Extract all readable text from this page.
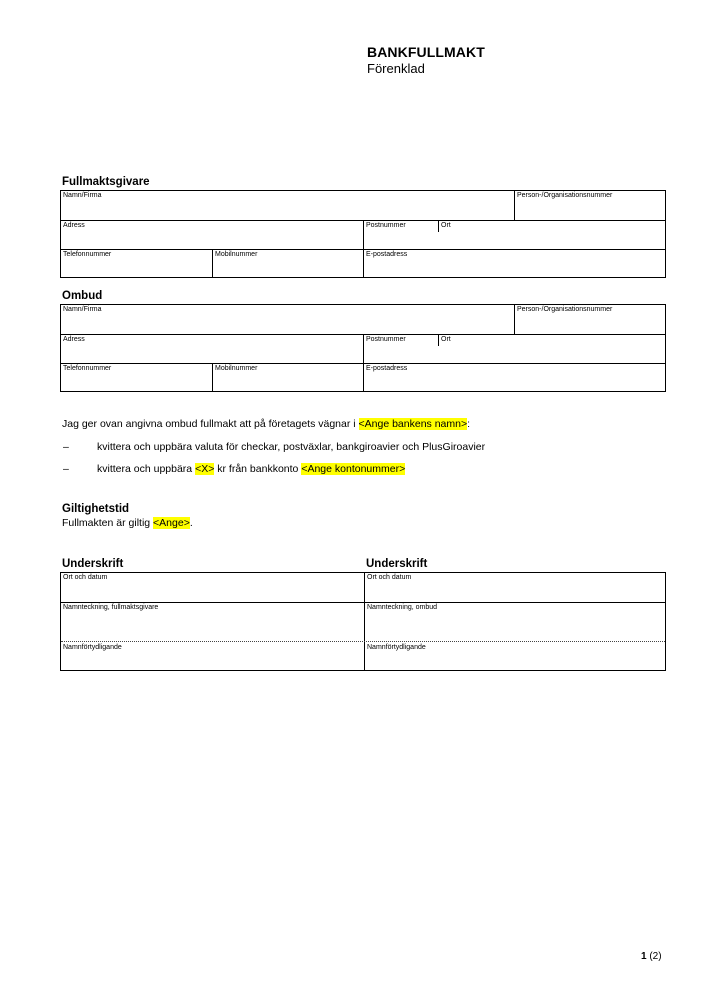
BANKFULLMAKT
Förenklad
Fullmaktsgivare
Namn/Firma	Person-/Organisationsnummer
Adress	Postnummer	Ort
Telefonnummer	Mobilnummer	E-postadress
Ombud
Namn/Firma	Person-/Organisationsnummer
Adress	Postnummer	Ort
Telefonnummer	Mobilnummer	E-postadress
Jag ger ovan angivna ombud fullmakt att på företagets vägnar i <Ange bankens namn>:
–	kvittera och uppbära valuta för checkar, postväxlar, bankgiroavier och PlusGiroavier
–	kvittera och uppbära <X> kr från bankkonto <Ange kontonummer>
Giltighetstid
Fullmakten är giltig <Ange>.
Underskrift	Underskrift
Ort och datum	Ort och datum
Namnteckning, fullmaktsgivare	Namnteckning, ombud
Namnförtydligande	Namnförtydligande
1 (2)
